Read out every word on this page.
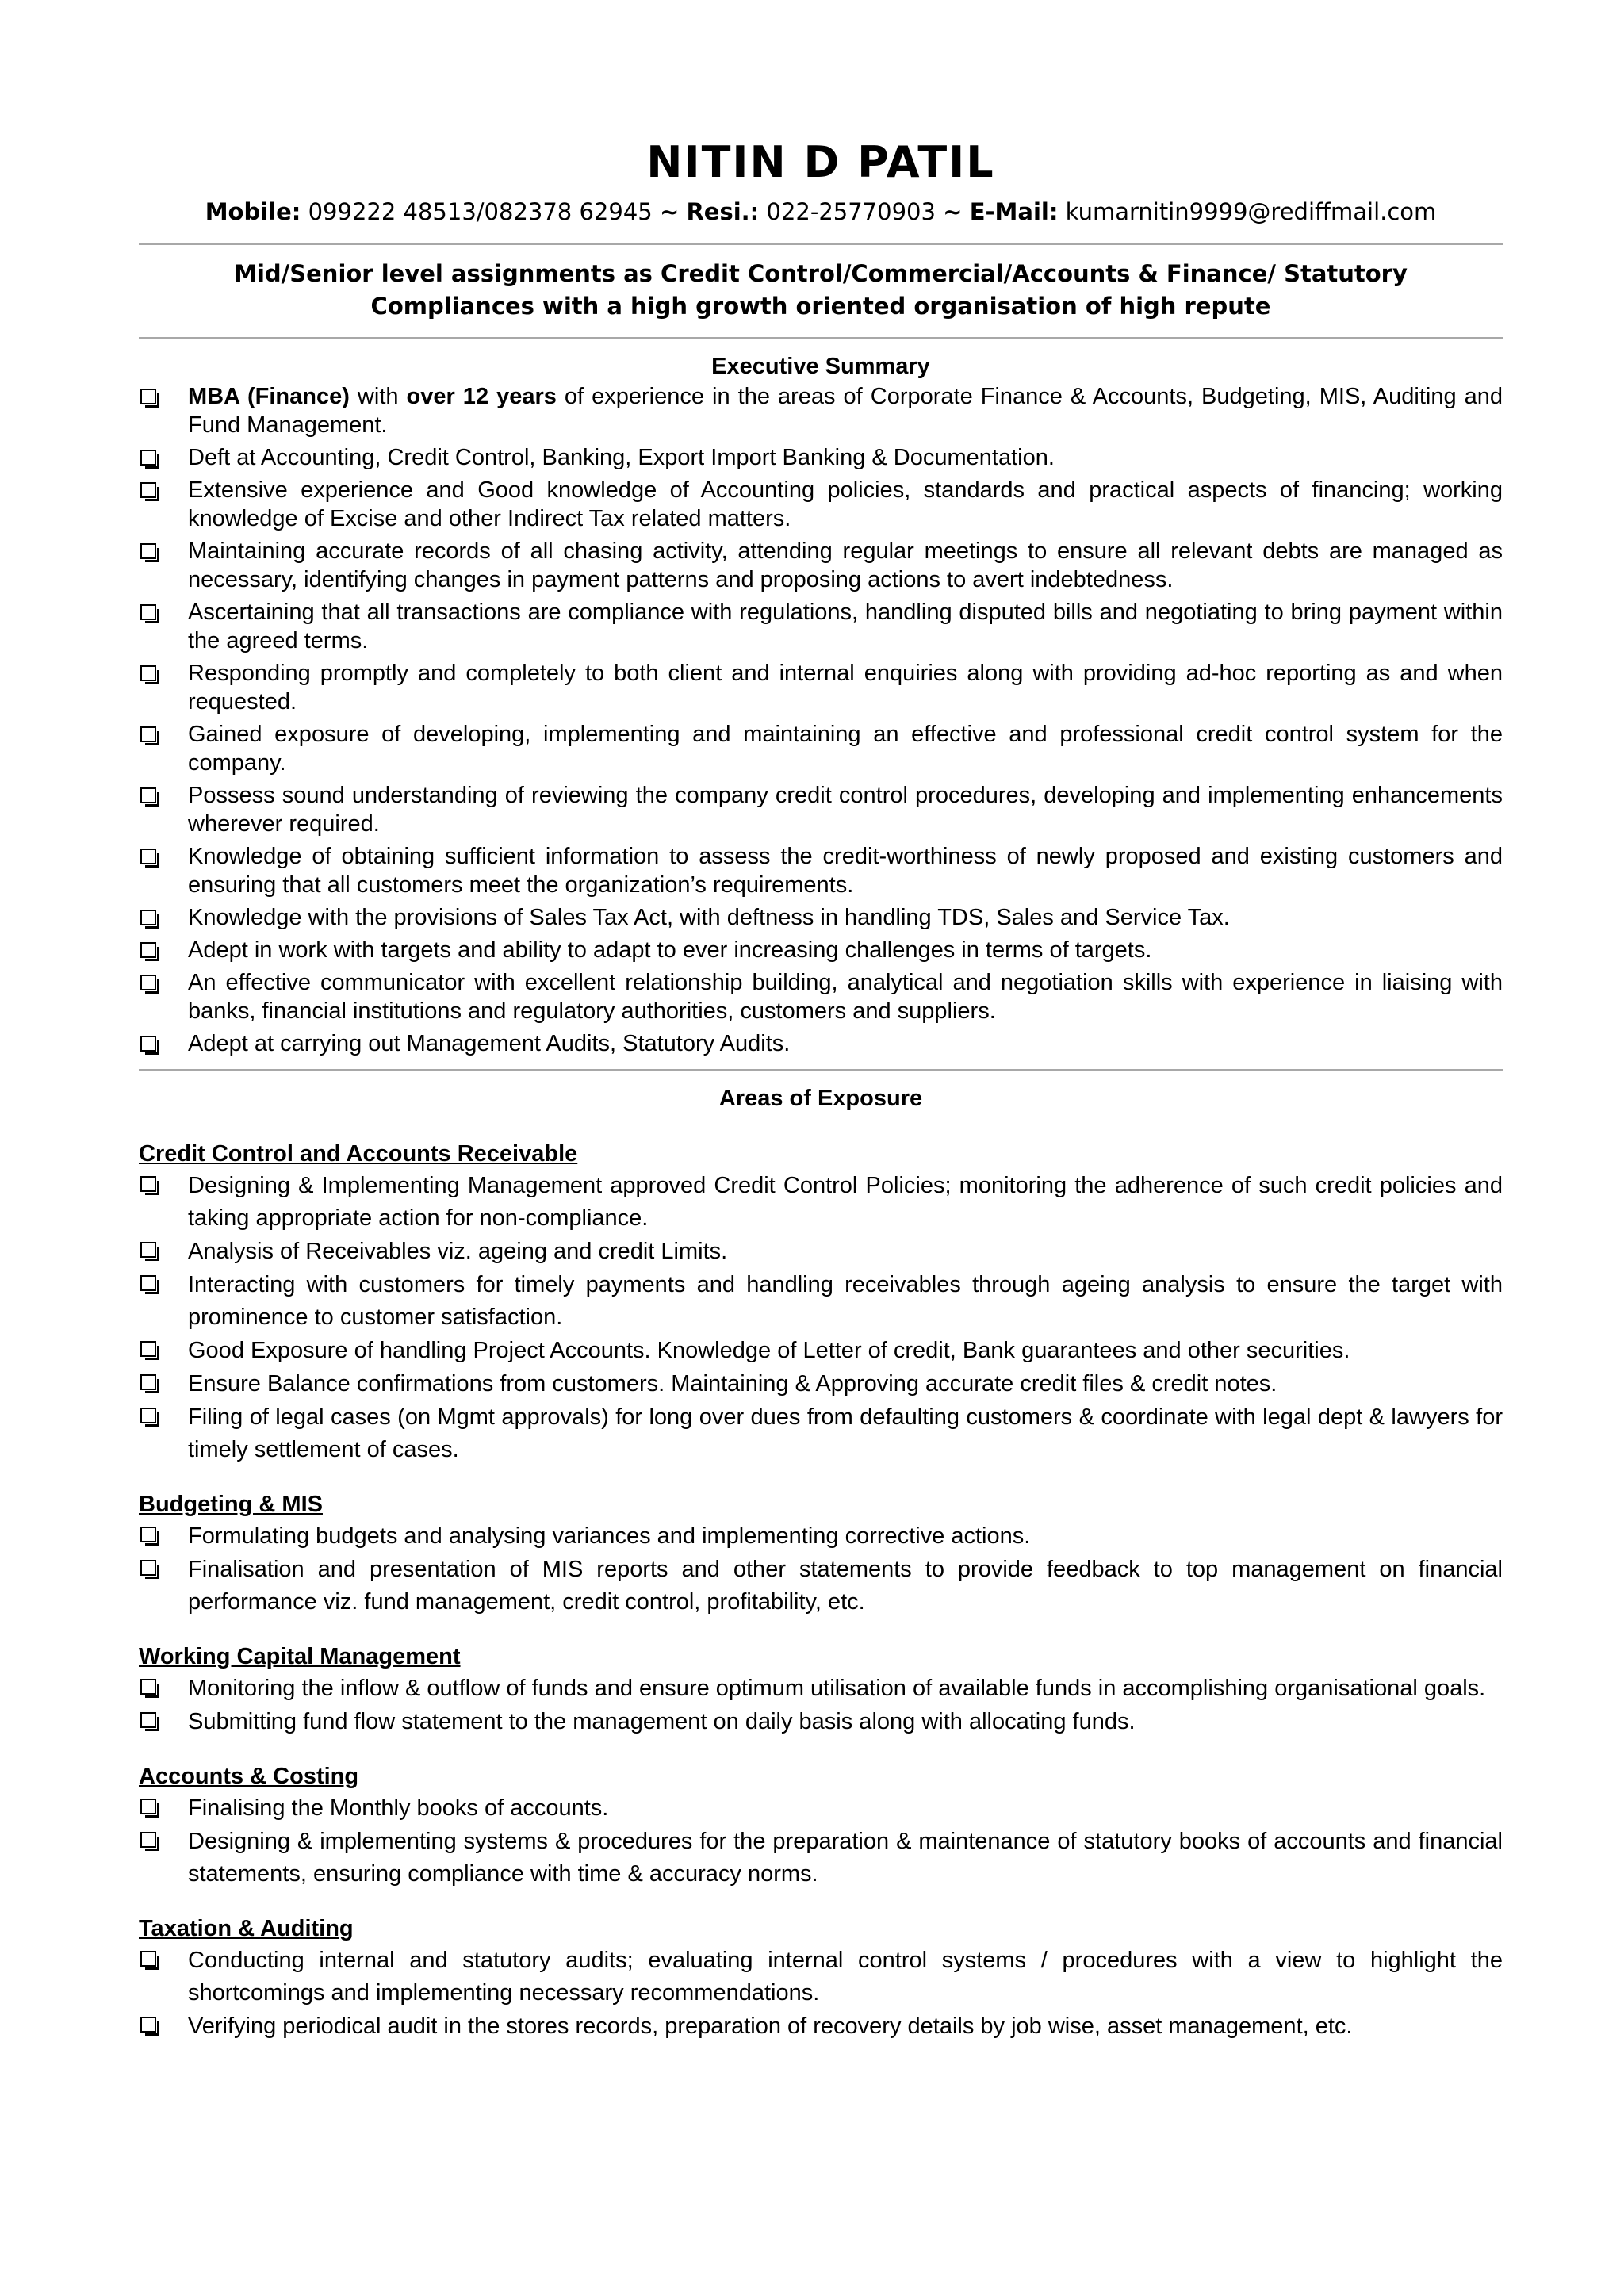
NITIN D PATIL
Mobile: 099222 48513/082378 62945 ~ Resi.: 022-25770903 ~ E-Mail: kumarnitin9999@rediffmail.com
Mid/Senior level assignments as Credit Control/Commercial/Accounts & Finance/ Statutory
Compliances with a high growth oriented organisation of high repute
Executive Summary
MBA (Finance) with over 12 years of experience in the areas of Corporate Finance & Accounts, Budgeting, MIS, Auditing and Fund Management.
Deft at Accounting, Credit Control, Banking, Export Import Banking & Documentation.
Extensive experience and Good knowledge of Accounting policies, standards and practical aspects of financing; working knowledge of Excise and other Indirect Tax related matters.
Maintaining accurate records of all chasing activity, attending regular meetings to ensure all relevant debts are managed as necessary, identifying changes in payment patterns and proposing actions to avert indebtedness.
Ascertaining that all transactions are compliance with regulations, handling disputed bills and negotiating to bring payment within the agreed terms.
Responding promptly and completely to both client and internal enquiries along with providing ad-hoc reporting as and when requested.
Gained exposure of developing, implementing and maintaining an effective and professional credit control system for the company.
Possess sound understanding of reviewing the company credit control procedures, developing and implementing enhancements wherever required.
Knowledge of obtaining sufficient information to assess the credit-worthiness of newly proposed and existing customers and ensuring that all customers meet the organization’s requirements.
Knowledge with the provisions of Sales Tax Act, with deftness in handling TDS, Sales and Service Tax.
Adept in work with targets and ability to adapt to ever increasing challenges in terms of targets.
An effective communicator with excellent relationship building, analytical and negotiation skills with experience in liaising with banks, financial institutions and regulatory authorities, customers and suppliers.
Adept at carrying out Management Audits, Statutory Audits.
Areas of Exposure
Credit Control and Accounts Receivable
Designing & Implementing Management approved Credit Control Policies; monitoring the adherence of such credit policies and taking appropriate action for non-compliance.
Analysis of Receivables viz. ageing and credit Limits.
Interacting with customers for timely payments and handling receivables through ageing analysis to ensure the target with prominence to customer satisfaction.
Good Exposure of handling Project Accounts. Knowledge of Letter of credit, Bank guarantees and other securities.
Ensure Balance confirmations from customers. Maintaining & Approving accurate credit files & credit notes.
Filing of legal cases (on Mgmt approvals) for long over dues from defaulting customers & coordinate with legal dept & lawyers for timely settlement of cases.
Budgeting & MIS
Formulating budgets and analysing variances and implementing corrective actions.
Finalisation and presentation of MIS reports and other statements to provide feedback to top management on financial performance viz. fund management, credit control, profitability, etc.
Working Capital Management
Monitoring the inflow & outflow of funds and ensure optimum utilisation of available funds in accomplishing organisational goals.
Submitting fund flow statement to the management on daily basis along with allocating funds.
Accounts & Costing
Finalising the Monthly books of accounts.
Designing & implementing systems & procedures for the preparation & maintenance of statutory books of accounts and financial statements, ensuring compliance with time & accuracy norms.
Taxation & Auditing
Conducting internal and statutory audits; evaluating internal control systems / procedures with a view to highlight the shortcomings and implementing necessary recommendations.
Verifying periodical audit in the stores records, preparation of recovery details by job wise, asset management, etc.
